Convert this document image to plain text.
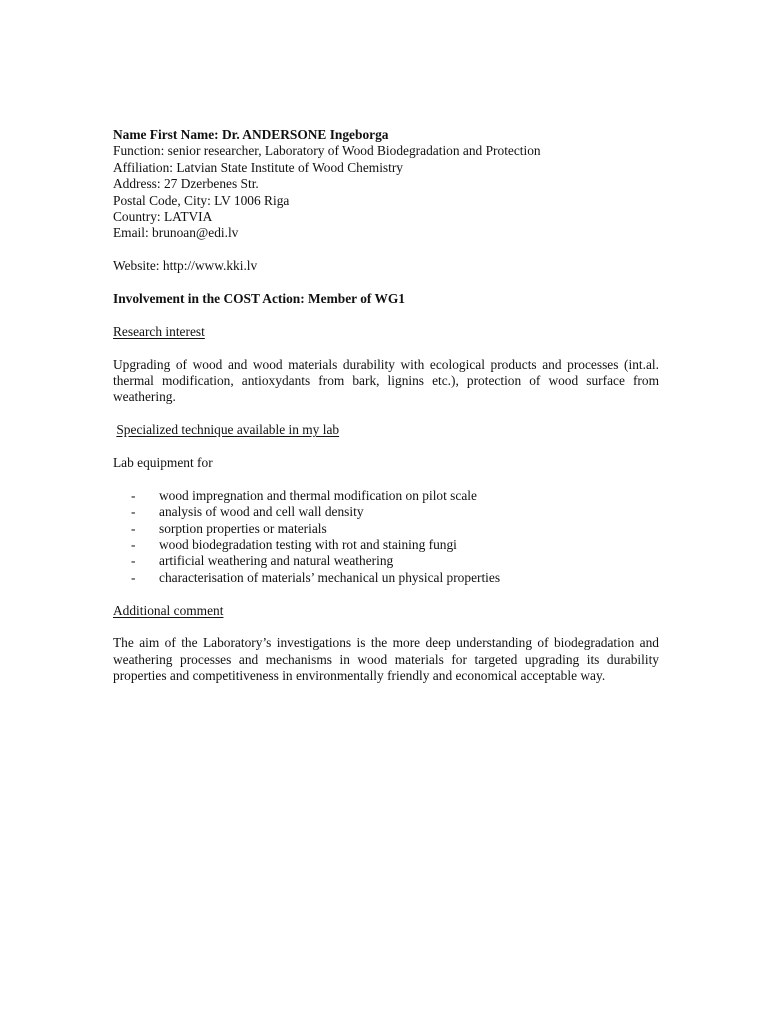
Name First Name: Dr. ANDERSONE Ingeborga
Function: senior researcher, Laboratory of Wood Biodegradation and Protection
Affiliation: Latvian State Institute of Wood Chemistry
Address: 27 Dzerbenes Str.
Postal Code, City: LV 1006 Riga
Country: LATVIA
Email: brunoan@edi.lv
Website: http://www.kki.lv
Involvement in the COST Action: Member of WG1
Research interest
Upgrading of wood and wood materials durability with ecological products and processes (int.al. thermal modification, antioxydants from bark, lignins etc.), protection of wood surface from weathering.
Specialized technique available in my lab
Lab equipment for
- wood impregnation and thermal modification on pilot scale
- analysis of wood and cell wall density
- sorption properties or materials
- wood biodegradation testing with rot and staining fungi
- artificial weathering and natural weathering
- characterisation of materials’ mechanical un physical properties
Additional comment
The aim of the Laboratory’s investigations is the more deep understanding of biodegradation and weathering processes and mechanisms in wood materials for targeted upgrading its durability properties and competitiveness in environmentally friendly and economical acceptable way.
